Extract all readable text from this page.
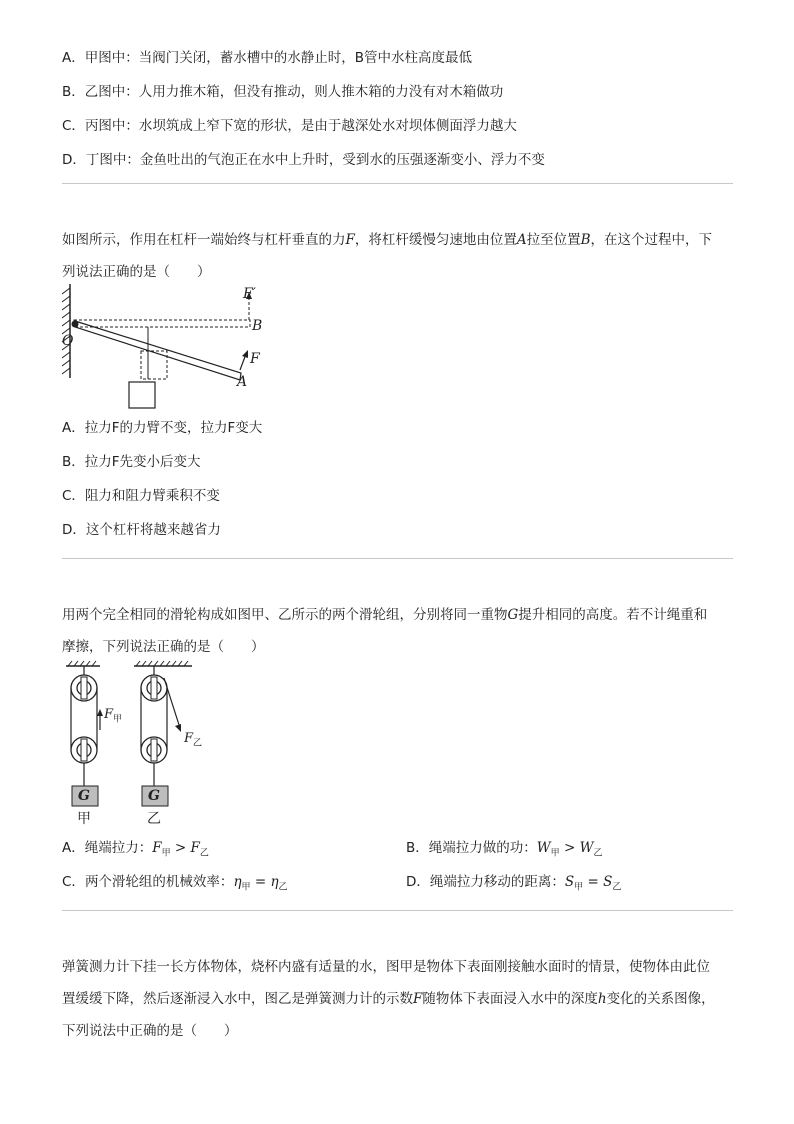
A．甲图中：当阀门关闭，蓄水槽中的水静止时，B管中水柱高度最低
B．乙图中：人用力推木箱，但没有推动，则人推木箱的力没有对木箱做功
C．丙图中：水坝筑成上窄下宽的形状，是由于越深处水对坝体侧面浮力越大
D．丁图中：金鱼吐出的气泡正在水中上升时，受到水的压强逐渐变小、浮力不变
如图所示，作用在杠杆一端始终与杠杆垂直的力F，将杠杆缓慢匀速地由位置A拉至位置B，在这个过程中，下
列说法正确的是（　　）
O
B
A
F
F′
A．拉力F的力臂不变，拉力F变大
B．拉力F先变小后变大
C．阻力和阻力臂乘积不变
D．这个杠杆将越来越省力
用两个完全相同的滑轮构成如图甲、乙所示的两个滑轮组，分别将同一重物G提升相同的高度。若不计绳重和
摩擦，下列说法正确的是（　　）
G	G
甲	乙
$F_甲$
$F_乙$
A．绳端拉力：$F_甲 > F_乙$	B．绳端拉力做的功：$W_甲 > W_乙$
C．两个滑轮组的机械效率：$\eta_甲 = \eta_乙$	D．绳端拉力移动的距离：$S_甲 = S_乙$
弹簧测力计下挂一长方体物体，烧杯内盛有适量的水，图甲是物体下表面刚接触水面时的情景，使物体由此位
置缓缓下降，然后逐渐浸入水中，图乙是弹簧测力计的示数F随物体下表面浸入水中的深度h变化的关系图像，
下列说法中正确的是（　　）
